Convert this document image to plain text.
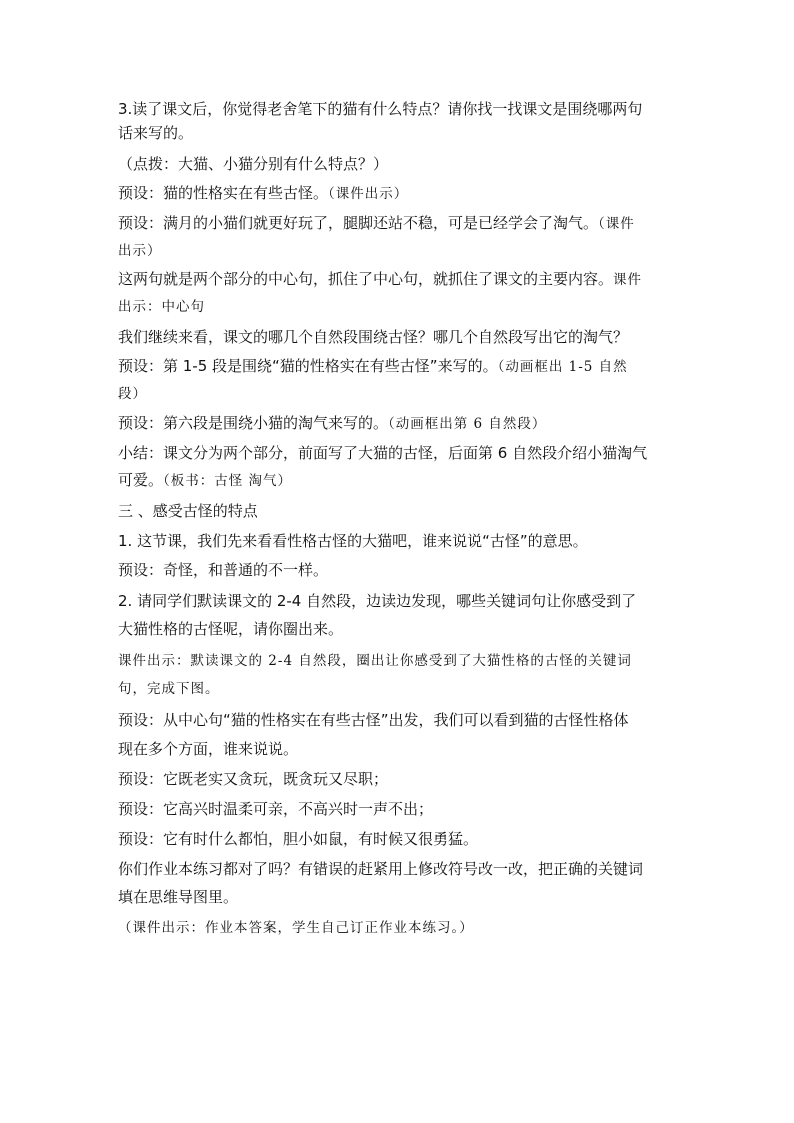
3.读了课文后，你觉得老舍笔下的猫有什么特点？请你找一找课文是围绕哪两句
话来写的。
（点拨：大猫、小猫分别有什么特点？）
预设：猫的性格实在有些古怪。（课件出示）
预设：满月的小猫们就更好玩了，腿脚还站不稳，可是已经学会了淘气。（课件
出示）
这两句就是两个部分的中心句，抓住了中心句，就抓住了课文的主要内容。课件
出示：中心句
我们继续来看，课文的哪几个自然段围绕古怪？哪几个自然段写出它的淘气？
预设：第 1-5 段是围绕“猫的性格实在有些古怪”来写的。（动画框出 1-5 自然
段）
预设：第六段是围绕小猫的淘气来写的。（动画框出第 6 自然段）
小结：课文分为两个部分，前面写了大猫的古怪，后面第 6 自然段介绍小猫淘气
可爱。（板书：古怪 淘气）
三 、感受古怪的特点
1. 这节课，我们先来看看性格古怪的大猫吧，谁来说说“古怪”的意思。
预设：奇怪，和普通的不一样。
2. 请同学们默读课文的 2-4 自然段，边读边发现，哪些关键词句让你感受到了
大猫性格的古怪呢，请你圈出来。
课件出示：默读课文的 2-4 自然段，圈出让你感受到了大猫性格的古怪的关键词
句，完成下图。
预设：从中心句“猫的性格实在有些古怪”出发，我们可以看到猫的古怪性格体
现在多个方面，谁来说说。
预设：它既老实又贪玩，既贪玩又尽职；
预设：它高兴时温柔可亲，不高兴时一声不出；
预设：它有时什么都怕，胆小如鼠，有时候又很勇猛。
你们作业本练习都对了吗？有错误的赶紧用上修改符号改一改，把正确的关键词
填在思维导图里。
（课件出示：作业本答案，学生自己订正作业本练习。）
